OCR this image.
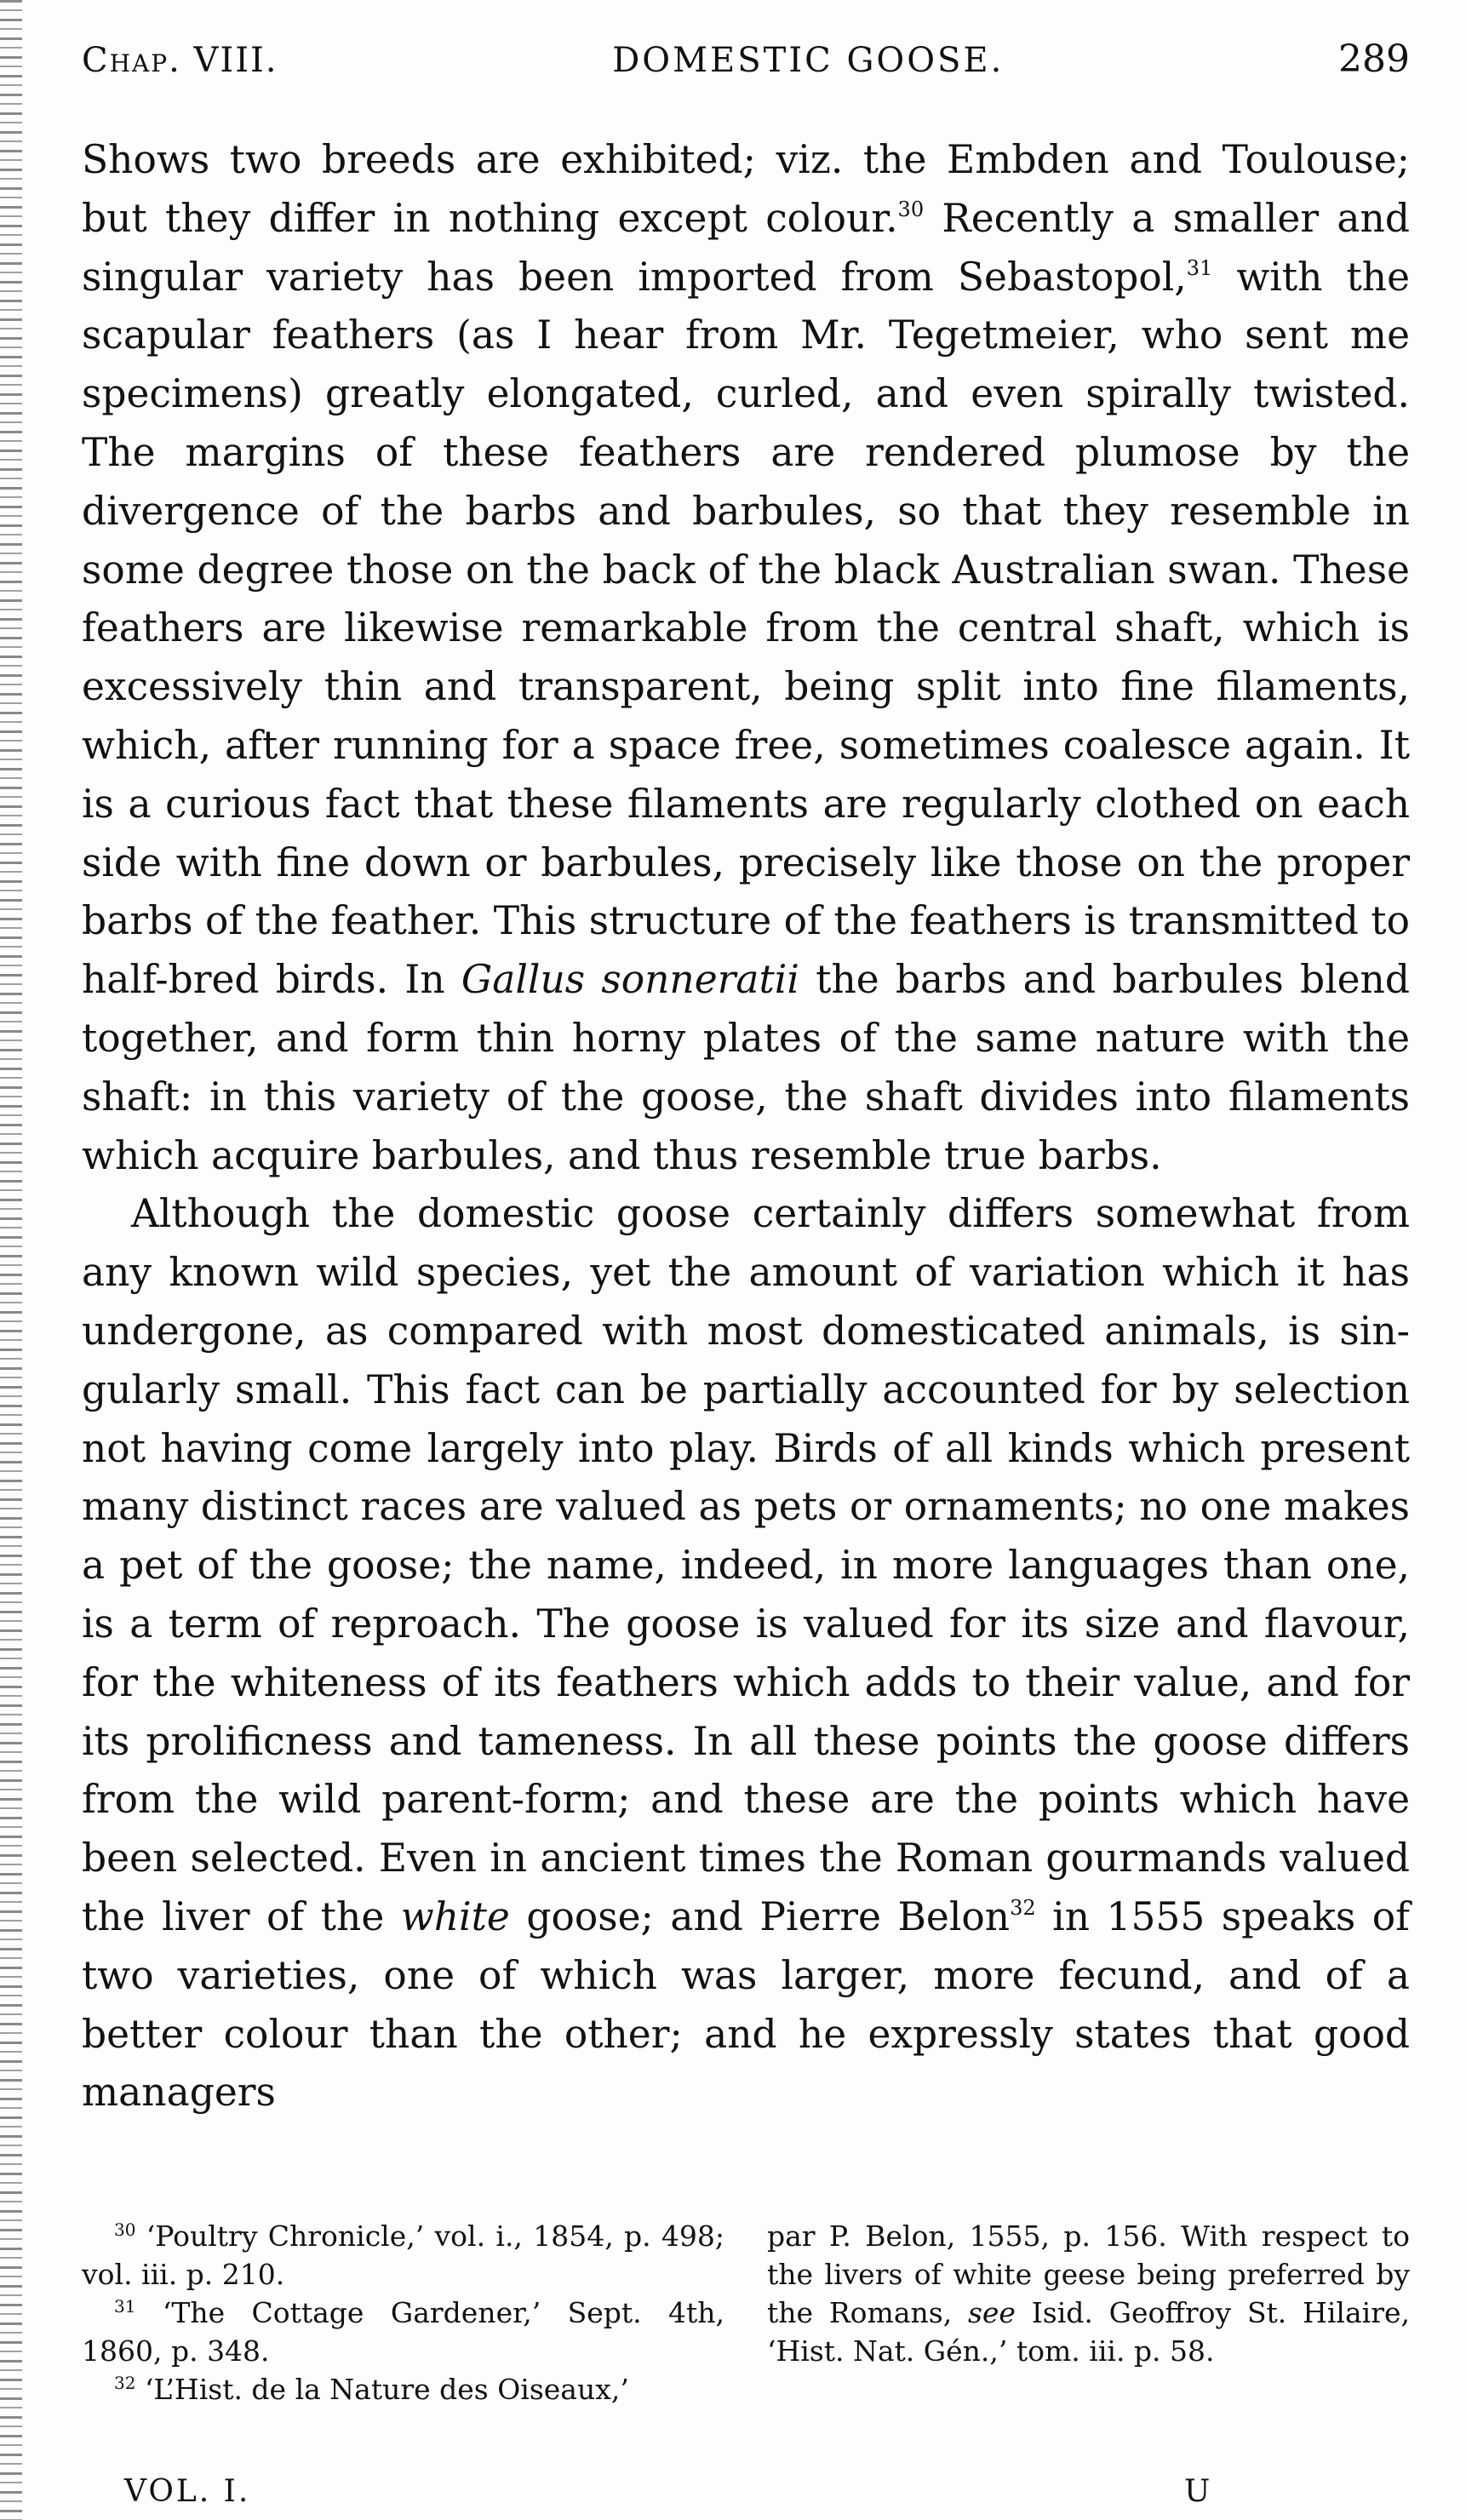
Chap. VIII.	DOMESTIC GOOSE.	289

Shows two breeds are exhibited; viz. the Embden and Toulouse; but they differ in nothing except colour.$^{30}$ Recently a smaller and singular variety has been imported from Sebastopol,$^{31}$ with the scapular feathers (as I hear from Mr. Tegetmeier, who sent me specimens) greatly elongated, curled, and even spirally twisted. The margins of these feathers are rendered plumose by the divergence of the barbs and barbules, so that they resemble in some degree those on the back of the black Australian swan. These feathers are likewise remarkable from the central shaft, which is excessively thin and transparent, being split into fine filaments, which, after running for a space free, sometimes coalesce again. It is a curious fact that these filaments are regularly clothed on each side with fine down or barbules, precisely like those on the proper barbs of the feather. This structure of the feathers is transmitted to half-bred birds. In Gallus sonneratii the barbs and barbules blend together, and form thin horny plates of the same nature with the shaft: in this variety of the goose, the shaft divides into filaments which acquire barbules, and thus resemble true barbs.

Although the domestic goose certainly differs somewhat from any known wild species, yet the amount of variation which it has undergone, as compared with most domesticated animals, is singularly small. This fact can be partially accounted for by selection not having come largely into play. Birds of all kinds which present many distinct races are valued as pets or ornaments; no one makes a pet of the goose; the name, indeed, in more languages than one, is a term of reproach. The goose is valued for its size and flavour, for the whiteness of its feathers which adds to their value, and for its prolificness and tameness. In all these points the goose differs from the wild parent-form; and these are the points which have been selected. Even in ancient times the Roman gourmands valued the liver of the white goose; and Pierre Belon$^{32}$ in 1555 speaks of two varieties, one of which was larger, more fecund, and of a better colour than the other; and he expressly states that good managers

$^{30}$ ‘Poultry Chronicle,’ vol. i., 1854, p. 498; vol. iii. p. 210.

$^{31}$ ‘The Cottage Gardener,’ Sept. 4th, 1860, p. 348.

$^{32}$ ‘L’Hist. de la Nature des Oiseaux,’

par P. Belon, 1555, p. 156. With respect to the livers of white geese being preferred by the Romans, see Isid. Geoffroy St. Hilaire, ‘Hist. Nat. Gén.,’ tom. iii. p. 58.

VOL. I.	U
